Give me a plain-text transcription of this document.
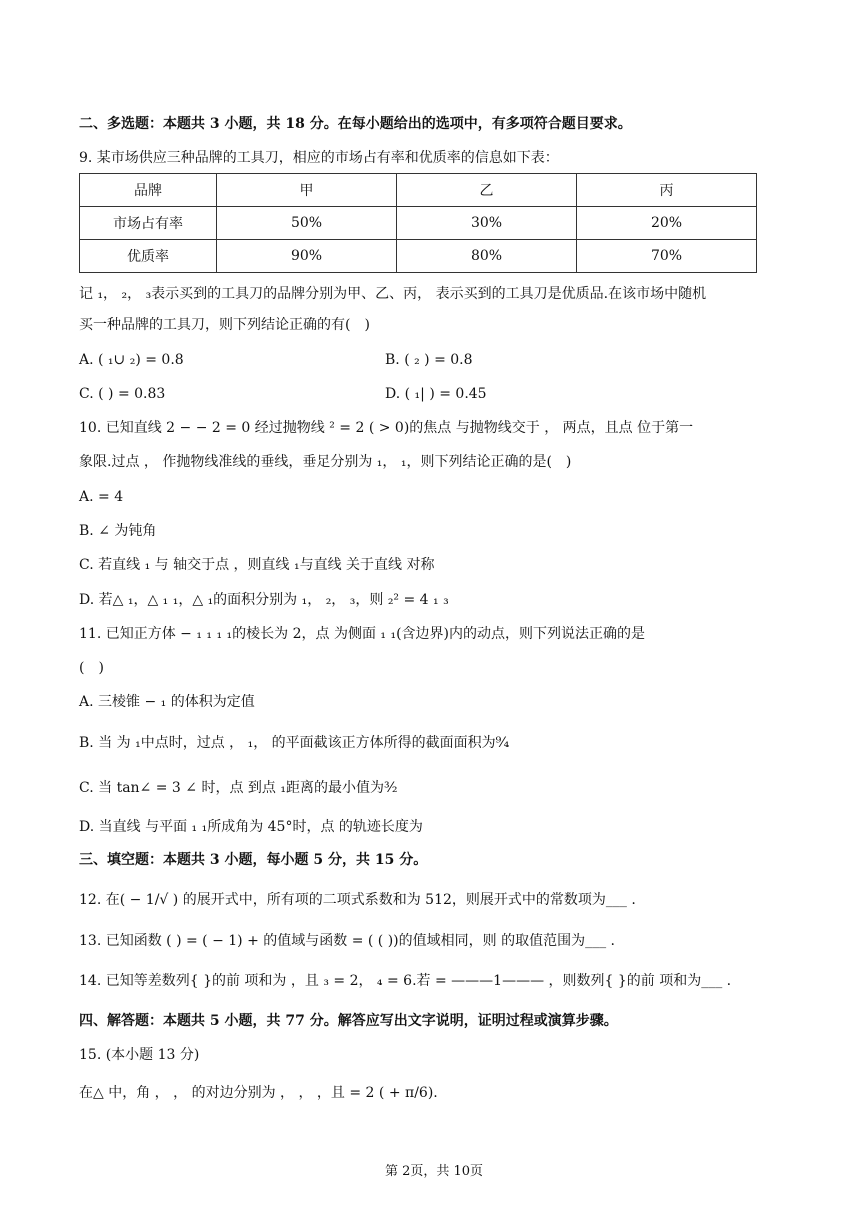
二、多选题：本题共 3 小题，共 18 分。在每小题给出的选项中，有多项符合题目要求。
9. 某市场供应三种品牌的工具刀，相应的市场占有率和优质率的信息如下表：
品牌	甲	乙	丙
市场占有率	50%	30%	20%
优质率	90%	80%	70%
记 ₁， ₂， ₃表示买到的工具刀的品牌分别为甲、乙、丙， 表示买到的工具刀是优质品.在该市场中随机
买一种品牌的工具刀，则下列结论正确的有(　)
A. ( ₁∪ ₂) = 0.8	B. ( ₂ ) = 0.8
C. ( ) = 0.83	D. ( ₁| ) = 0.45
10. 已知直线 2 − − 2 = 0 经过抛物线 ² = 2 ( > 0)的焦点 与抛物线交于 ， 两点，且点 位于第一
象限.过点 ， 作抛物线准线的垂线，垂足分别为 ₁， ₁，则下列结论正确的是(　)
A. = 4
B. ∠ 为钝角
C. 若直线 ₁ 与 轴交于点 ，则直线 ₁与直线 关于直线 对称
D. 若△ ₁，△ ₁ ₁，△ ₁的面积分别为 ₁， ₂， ₃，则 ₂² = 4 ₁ ₃
11. 已知正方体 − ₁ ₁ ₁ ₁的棱长为 2，点 为侧面 ₁ ₁(含边界)内的动点，则下列说法正确的是
(　)
A. 三棱锥 − ₁ 的体积为定值
B. 当 为 ₁中点时，过点 ， ₁， 的平面截该正方体所得的截面面积为⁹⁄₄
C. 当 tan∠ = 3 ∠ 时，点 到点 ₁距离的最小值为³⁄₂
D. 当直线 与平面 ₁ ₁所成角为 45°时，点 的轨迹长度为
三、填空题：本题共 3 小题，每小题 5 分，共 15 分。
12. 在( − 1/√ ) 的展开式中，所有项的二项式系数和为 512，则展开式中的常数项为___ .
13. 已知函数 ( ) = ( − 1) + 的值域与函数 = ( ( ))的值域相同，则 的取值范围为___ .
14. 已知等差数列{ }的前 项和为 ，且 ₃ = 2， ₄ = 6.若 = ———1——— ，则数列{ }的前 项和为___ .
四、解答题：本题共 5 小题，共 77 分。解答应写出文字说明，证明过程或演算步骤。
15. (本小题 13 分)
在△ 中，角 ， ， 的对边分别为 ， ， ，且 = 2 ( + π/6).
第 2页，共 10页
